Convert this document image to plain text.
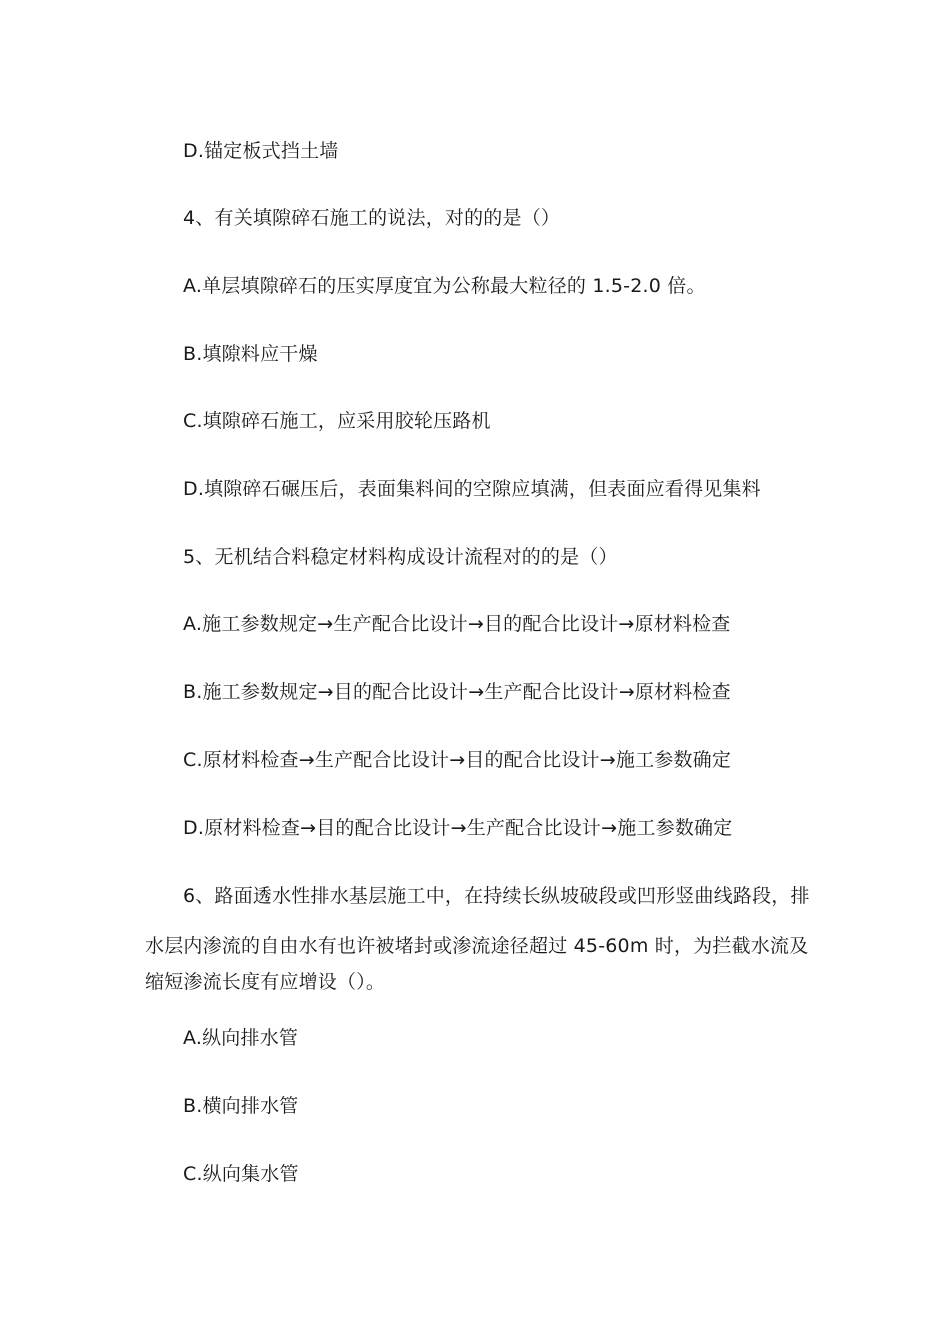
D.锚定板式挡土墙
4、有关填隙碎石施工的说法，对的的是（）
A.单层填隙碎石的压实厚度宜为公称最大粒径的 1.5-2.0 倍。
B.填隙料应干燥
C.填隙碎石施工，应采用胶轮压路机
D.填隙碎石碾压后，表面集料间的空隙应填满，但表面应看得见集料
5、无机结合料稳定材料构成设计流程对的的是（）
A.施工参数规定→生产配合比设计→目的配合比设计→原材料检查
B.施工参数规定→目的配合比设计→生产配合比设计→原材料检查
C.原材料检查→生产配合比设计→目的配合比设计→施工参数确定
D.原材料检查→目的配合比设计→生产配合比设计→施工参数确定
6、路面透水性排水基层施工中，在持续长纵坡破段或凹形竖曲线路段，排
水层内渗流的自由水有也许被堵封或渗流途径超过 45-60m 时，为拦截水流及
缩短渗流长度有应增设（）。
A.纵向排水管
B.横向排水管
C.纵向集水管
